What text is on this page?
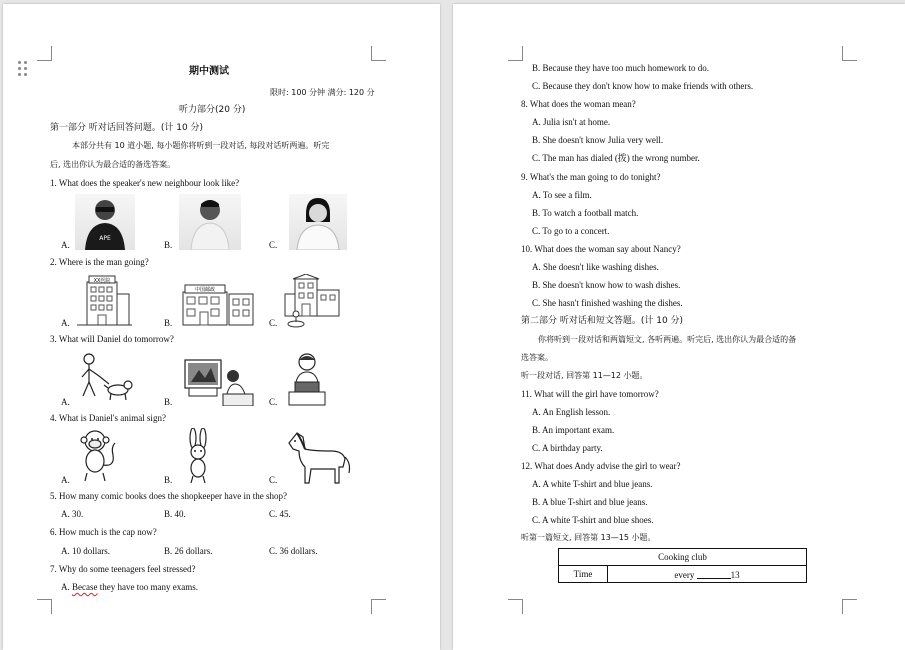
期中测试
限时: 100 分钟 满分: 120 分
听力部分(20 分)
第一部分 听对话回答问题。(计 10 分)
本部分共有 10 道小题, 每小题你将听到一段对话, 每段对话听两遍。听完
后, 选出你认为最合适的备选答案。
1. What does the speaker's new neighbour look like?
A.
APE
B.	C.
2. Where is the man going?
A.
XX医院
B.
中国邮政
C.
3. What will Daniel do tomorrow?
A.	B.	C.
4. What is Daniel's animal sign?
A.	B.	C.
5. How many comic books does the shopkeeper have in the shop?
A. 30.	B. 40.	C. 45.
6. How much is the cap now?
A. 10 dollars.	B. 26 dollars.	C. 36 dollars.
7. Why do some teenagers feel stressed?
A. Becase they have too many exams.
B. Because they have too much homework to do.
C. Because they don't know how to make friends with others.
8. What does the woman mean?
A. Julia isn't at home.
B. She doesn't know Julia very well.
C. The man has dialed (拨) the wrong number.
9. What's the man going to do tonight?
A. To see a film.
B. To watch a football match.
C. To go to a concert.
10. What does the woman say about Nancy?
A. She doesn't like washing dishes.
B. She doesn't know how to wash dishes.
C. She hasn't finished washing the dishes.
第二部分 听对话和短文答题。(计 10 分)
你将听到一段对话和两篇短文, 各听两遍。听完后, 选出你认为最合适的备
选答案。
听一段对话, 回答第 11—12 小题。
11. What will the girl have tomorrow?
A. An English lesson.
B. An important exam.
C. A birthday party.
12. What does Andy advise the girl to wear?
A. A white T-shirt and blue jeans.
B. A blue T-shirt and blue jeans.
C. A white T-shirt and blue shoes.
听第一篇短文, 回答第 13—15 小题。
Cooking club
Time	every	13
